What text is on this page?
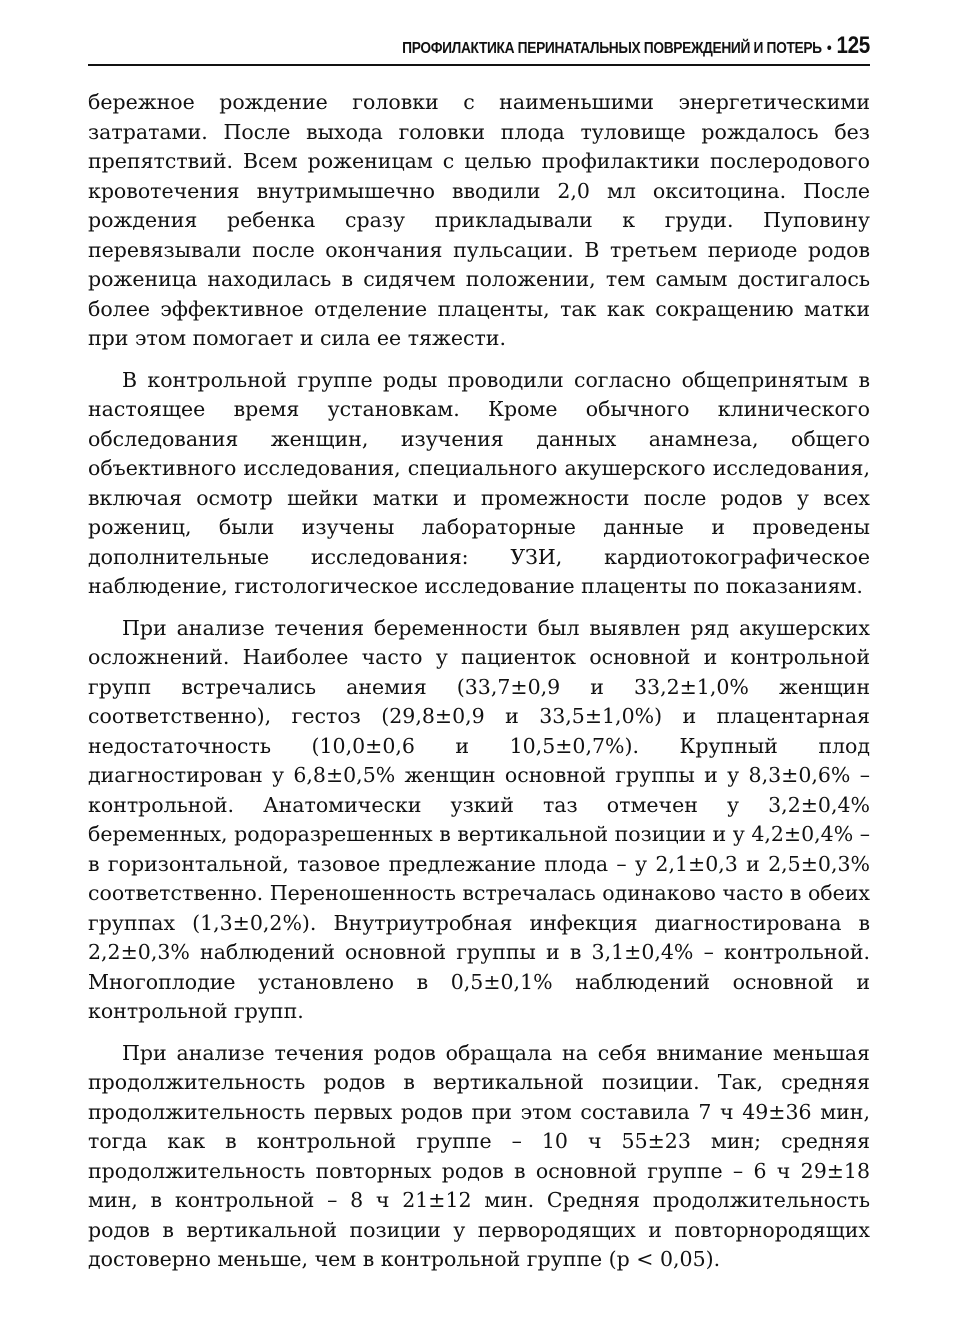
ПРОФИЛАКТИКА ПЕРИНАТАЛЬНЫХ ПОВРЕЖДЕНИЙ И ПОТЕРЬ • 125

бережное рождение головки с наименьшими энергетическими затратами. После выхода головки плода туловище рождалось без препятствий. Всем роженицам с целью профилактики послеродового кровотечения внутримышечно вводили 2,0 мл окситоцина. После рождения ребенка сразу прикладывали к груди. Пуповину перевязывали после окончания пульсации. В третьем периоде родов роженица находилась в сидячем положении, тем самым достигалось более эффективное отделение плаценты, так как сокращению матки при этом помогает и сила ее тяжести.

В контрольной группе роды проводили согласно общепринятым в настоящее время установкам. Кроме обычного клинического обследования женщин, изучения данных анамнеза, общего объективного исследования, специального акушерского исследования, включая осмотр шейки матки и промежности после родов у всех рожениц, были изучены лабораторные данные и проведены дополнительные исследования: УЗИ, кардиотокографическое наблюдение, гистологическое исследование плаценты по показаниям.

При анализе течения беременности был выявлен ряд акушерских осложнений. Наиболее часто у пациенток основной и контрольной групп встречались анемия (33,7±0,9 и 33,2±1,0% женщин соответственно), гестоз (29,8±0,9 и 33,5±1,0%) и плацентарная недостаточность (10,0±0,6 и 10,5±0,7%). Крупный плод диагностирован у 6,8±0,5% женщин основной группы и у 8,3±0,6% – контрольной. Анатомически узкий таз отмечен у 3,2±0,4% беременных, родоразрешенных в вертикальной позиции и у 4,2±0,4% – в горизонтальной, тазовое предлежание плода – у 2,1±0,3 и 2,5±0,3% соответственно. Переношенность встречалась одинаково часто в обеих группах (1,3±0,2%). Внутриутробная инфекция диагностирована в 2,2±0,3% наблюдений основной группы и в 3,1±0,4% – контрольной. Многоплодие установлено в 0,5±0,1% наблюдений основной и контрольной групп.

При анализе течения родов обращала на себя внимание меньшая продолжительность родов в вертикальной позиции. Так, средняя продолжительность первых родов при этом составила 7 ч 49±36 мин, тогда как в контрольной группе – 10 ч 55±23 мин; средняя продолжительность повторных родов в основной группе – 6 ч 29±18 мин, в контрольной – 8 ч 21±12 мин. Средняя продолжительность родов в вертикальной позиции у первородящих и повторнородящих достоверно меньше, чем в контрольной группе (p < 0,05).
